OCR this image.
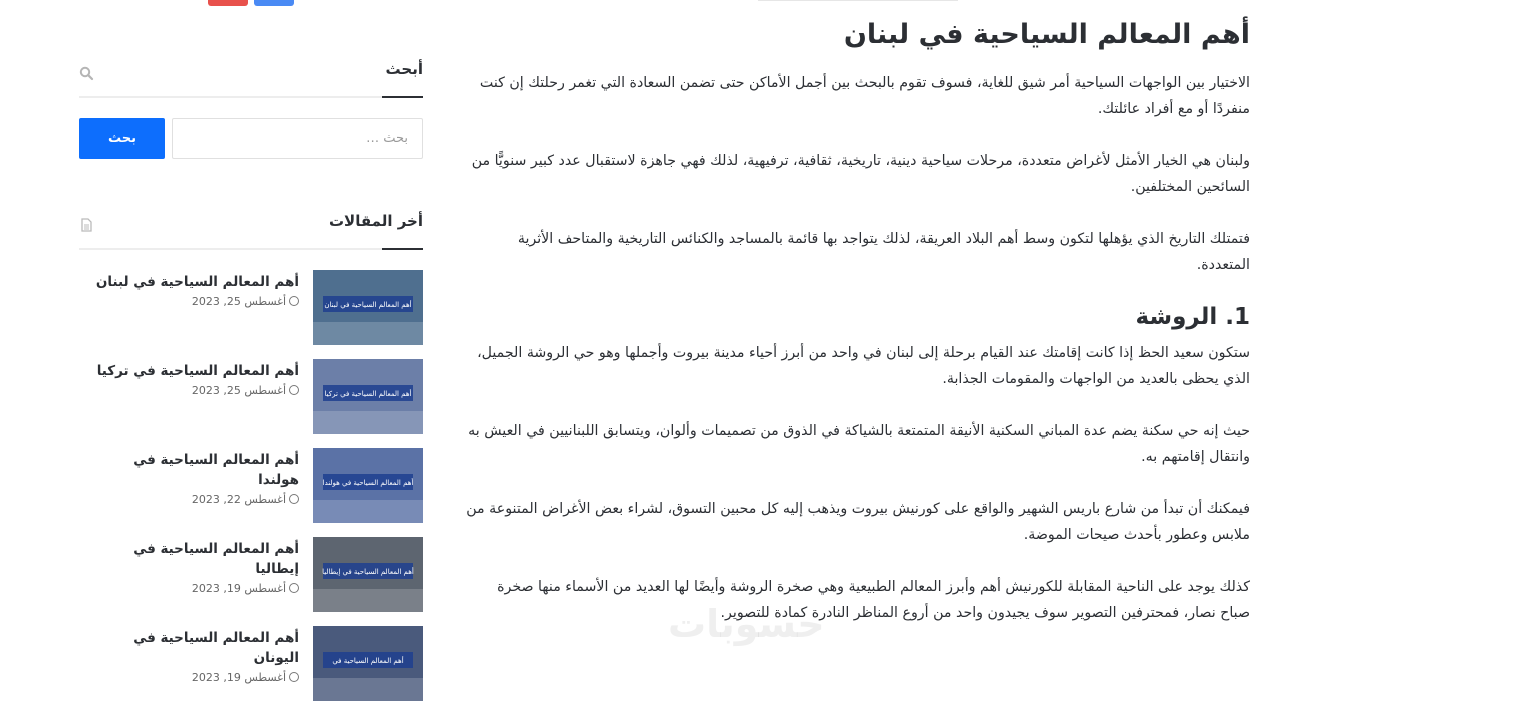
أهم المعالم السياحية في لبنان

الاختيار بين الواجهات السياحية أمر شيق للغاية، فسوف تقوم بالبحث بين أجمل الأماكن حتى تضمن السعادة التي تغمر رحلتك إن كنت منفردًا أو مع أفراد عائلتك.

ولبنان هي الخيار الأمثل لأغراض متعددة، مرحلات سياحية دينية، تاريخية، ثقافية، ترفيهية، لذلك فهي جاهزة لاستقبال عدد كبير سنويًّا من السائحين المختلفين.

فتمتلك التاريخ الذي يؤهلها لتكون وسط أهم البلاد العريقة، لذلك يتواجد بها قائمة بالمساجد والكنائس التاريخية والمتاحف الأثرية المتعددة.

1. الروشة

ستكون سعيد الحظ إذا كانت إقامتك عند القيام برحلة إلى لبنان في واحد من أبرز أحياء مدينة بيروت وأجملها وهو حي الروشة الجميل، الذي يحظى بالعديد من الواجهات والمقومات الجذابة.

حيث إنه حي سكنة يضم عدة المباني السكنية الأنيقة المتمتعة بالشياكة في الذوق من تصميمات وألوان، ويتسابق اللبنانيين في العيش به وانتقال إقامتهم به.

فيمكنك أن تبدأ من شارع باريس الشهير والواقع على كورنيش بيروت ويذهب إليه كل محبين التسوق، لشراء بعض الأغراض المتنوعة من ملابس وعطور بأحدث صيحات الموضة.

كذلك يوجد على الناحية المقابلة للكورنيش أهم وأبرز المعالم الطبيعية وهي صخرة الروشة وأيضًا لها العديد من الأسماء منها صخرة صباح نصار، فمحترفين التصوير سوف يجيدون واحد من أروع المناظر النادرة كمادة للتصوير.

حسوبات
أبحث
بحث
بحث …
أخر المقالات
أهم المعالم السياحية في لبنان
أهم المعالم السياحية في لبنان
أغسطس 25, 2023
أهم المعالم السياحية في تركيا
أهم المعالم السياحية في تركيا
أغسطس 25, 2023
أهم المعالم السياحية في هولندا
أهم المعالم السياحية في هولندا
أغسطس 22, 2023
أهم المعالم السياحية في إيطاليا
أهم المعالم السياحية في إيطاليا
أغسطس 19, 2023
أهم المعالم السياحية في
أهم المعالم السياحية في اليونان
أغسطس 19, 2023
